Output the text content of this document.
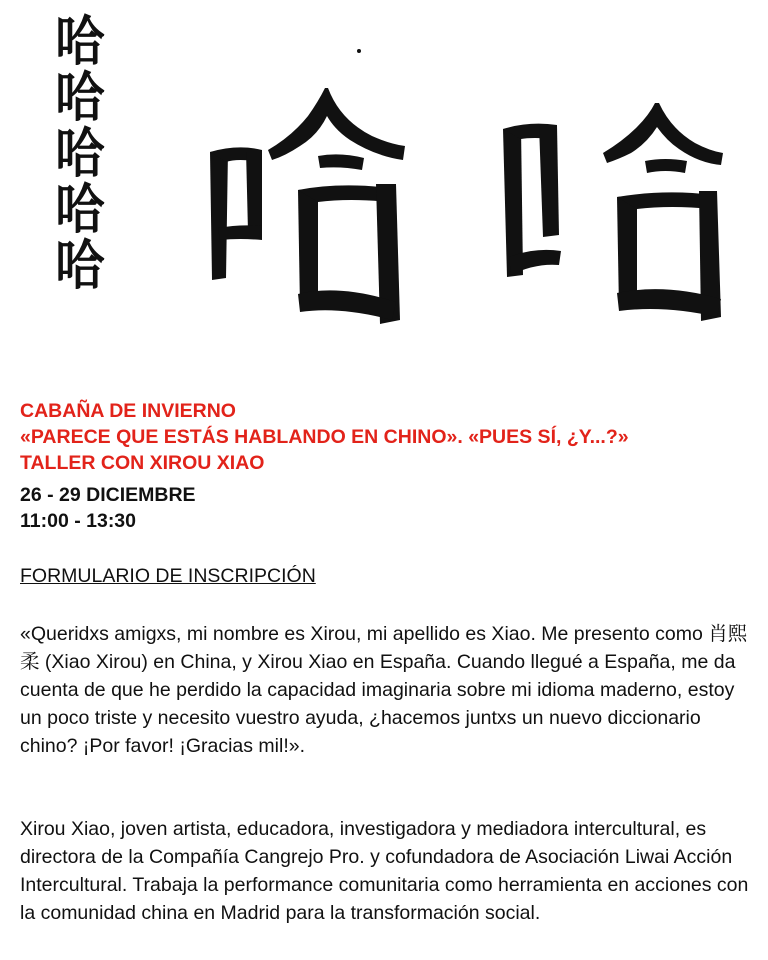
哈
哈
哈
哈
哈

CABAÑA DE INVIERNO

«PARECE QUE ESTÁS HABLANDO EN CHINO». «PUES SÍ, ¿Y...?»

TALLER CON XIROU XIAO

26 - 29 DICIEMBRE

11:00 - 13:30

FORMULARIO DE INSCRIPCIÓN

«Queridxs amigxs, mi nombre es Xirou, mi apellido es Xiao. Me presento como 肖熙柔 (Xiao Xirou) en China, y Xirou Xiao en España. Cuando llegué a España, me da cuenta de que he perdido la capacidad imaginaria sobre mi idioma maderno, estoy un poco triste y necesito vuestro ayuda, ¿hacemos juntxs un nuevo diccionario chino? ¡Por favor! ¡Gracias mil!».

Xirou Xiao, joven artista, educadora, investigadora y mediadora intercultural, es directora de la Compañía Cangrejo Pro. y cofundadora de Asociación Liwai Acción Intercultural. Trabaja la performance comunitaria como herramienta en acciones con la comunidad china en Madrid para la transformación social.
